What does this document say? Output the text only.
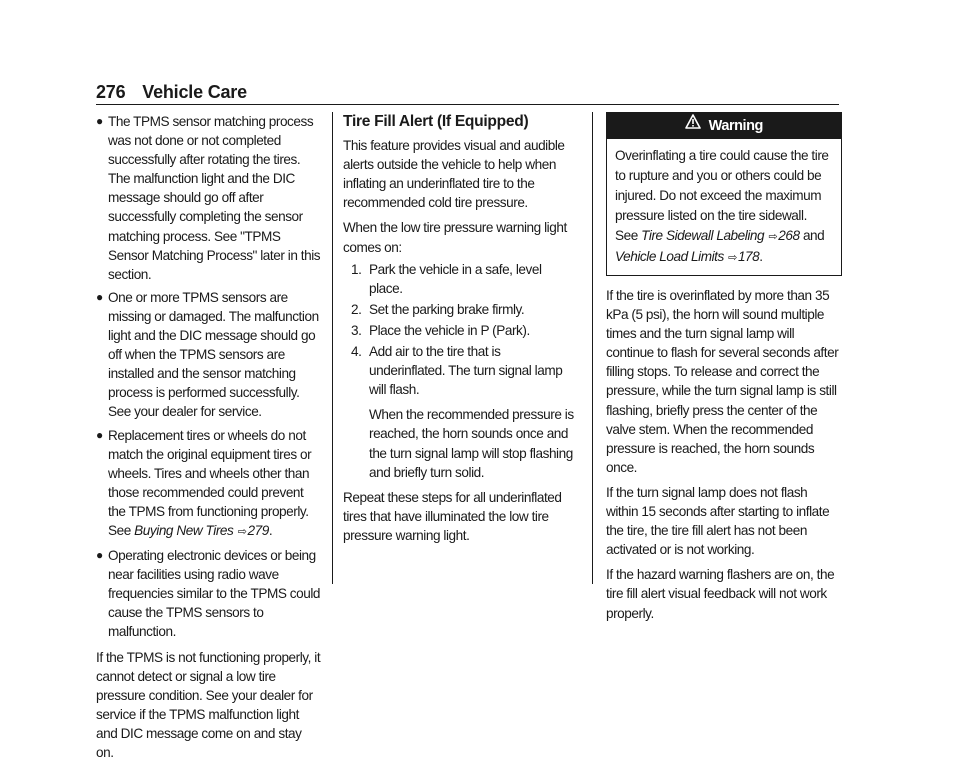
276 Vehicle Care
● The TPMS sensor matching process was not done or not completed successfully after rotating the tires. The malfunction light and the DIC message should go off after successfully completing the sensor matching process. See "TPMS Sensor Matching Process" later in this section.
● One or more TPMS sensors are missing or damaged. The malfunction light and the DIC message should go off when the TPMS sensors are installed and the sensor matching process is performed successfully. See your dealer for service.
● Replacement tires or wheels do not match the original equipment tires or wheels. Tires and wheels other than those recommended could prevent the TPMS from functioning properly. See Buying New Tires ⇨279.
● Operating electronic devices or being near facilities using radio wave frequencies similar to the TPMS could cause the TPMS sensors to malfunction.

If the TPMS is not functioning properly, it cannot detect or signal a low tire pressure condition. See your dealer for service if the TPMS malfunction light and DIC message come on and stay on.

Tire Fill Alert (If Equipped)

This feature provides visual and audible alerts outside the vehicle to help when inflating an underinflated tire to the recommended cold tire pressure.

When the low tire pressure warning light comes on:

1. Park the vehicle in a safe, level place.
2. Set the parking brake firmly.
3. Place the vehicle in P (Park).
4. Add air to the tire that is underinflated. The turn signal lamp will flash.
When the recommended pressure is reached, the horn sounds once and the turn signal lamp will stop flashing and briefly turn solid.

Repeat these steps for all underinflated tires that have illuminated the low tire pressure warning light.

Warning
Overinflating a tire could cause the tire to rupture and you or others could be injured. Do not exceed the maximum pressure listed on the tire sidewall. See Tire Sidewall Labeling ⇨268 and Vehicle Load Limits ⇨178.

If the tire is overinflated by more than 35 kPa (5 psi), the horn will sound multiple times and the turn signal lamp will continue to flash for several seconds after filling stops. To release and correct the pressure, while the turn signal lamp is still flashing, briefly press the center of the valve stem. When the recommended pressure is reached, the horn sounds once.

If the turn signal lamp does not flash within 15 seconds after starting to inflate the tire, the tire fill alert has not been activated or is not working.

If the hazard warning flashers are on, the tire fill alert visual feedback will not work properly.
